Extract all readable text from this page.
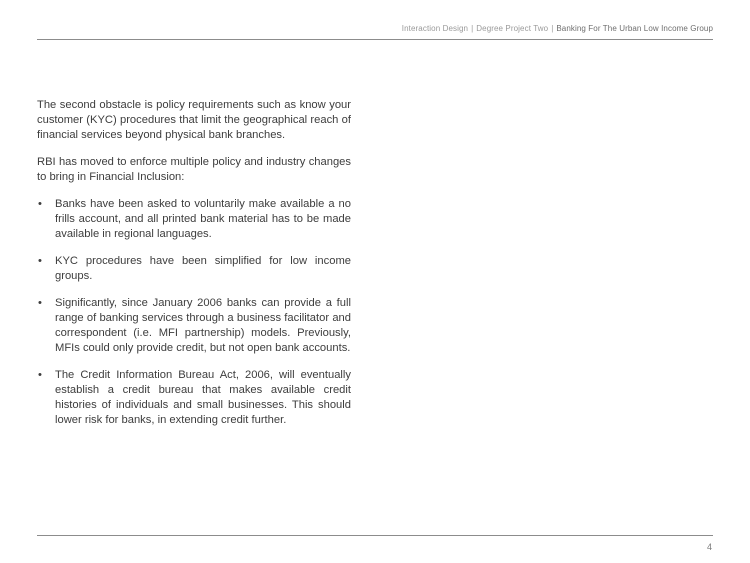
Interaction Design | Degree Project Two | Banking For The Urban Low Income Group

The second obstacle is policy requirements such as know your customer (KYC) procedures that limit the geographical reach of financial services beyond physical bank branches.

RBI has moved to enforce multiple policy and industry changes to bring in Financial Inclusion:

• Banks have been asked to voluntarily make available a no frills account, and all printed bank material has to be made available in regional languages.
• KYC procedures have been simplified for low income groups.
• Significantly, since January 2006 banks can provide a full range of banking services through a business facilitator and correspondent (i.e. MFI partnership) models. Previously, MFIs could only provide credit, but not open bank accounts.
• The Credit Information Bureau Act, 2006, will eventually establish a credit bureau that makes available credit histories of individuals and small businesses. This should lower risk for banks, in extending credit further.
4
